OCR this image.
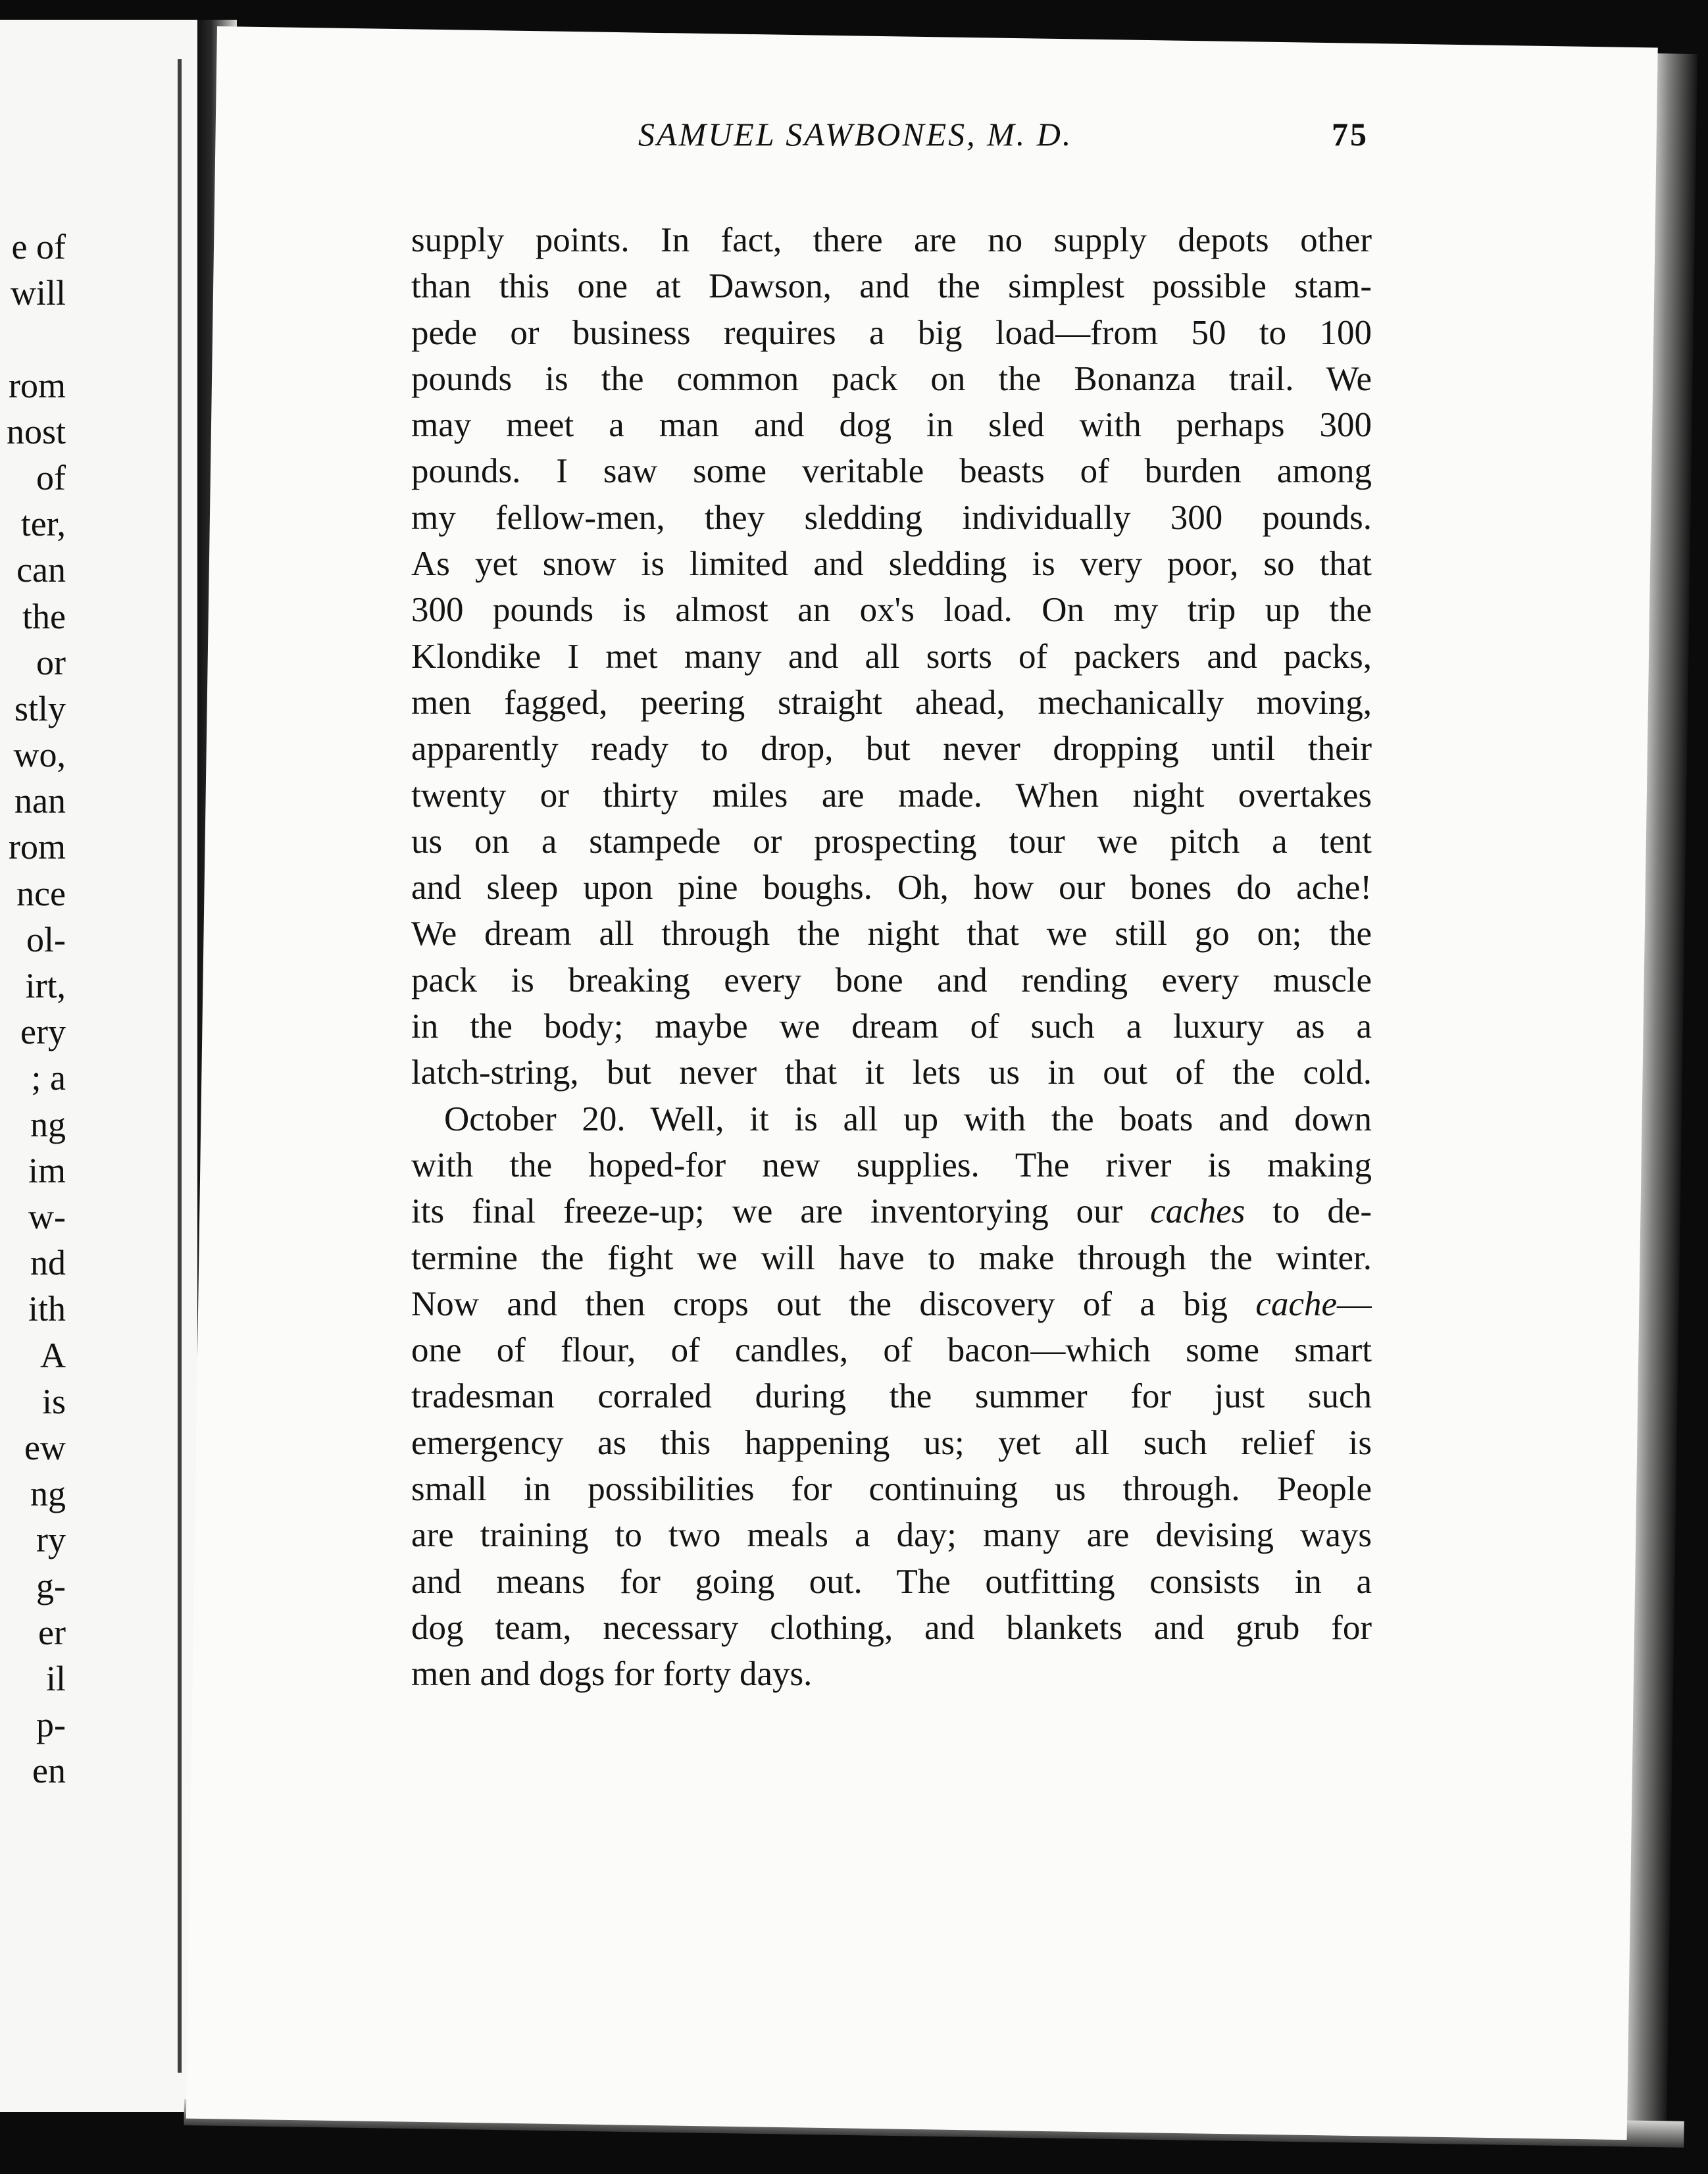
e of
will
rom
nost
of
ter,
can
the
or
stly
wo,
nan
rom
nce
ol-
irt,
ery
; a
ng
im
w-
nd
ith
A
is
ew
ng
ry
g-
er
il
p-
en
SAMUEL SAWBONES, M. D.	75
supply points. In fact, there are no supply depots other
than this one at Dawson, and the simplest possible stam-
pede or business requires a big load—from 50 to 100
pounds is the common pack on the Bonanza trail. We
may meet a man and dog in sled with perhaps 300
pounds. I saw some veritable beasts of burden among
my fellow-men, they sledding individually 300 pounds.
As yet snow is limited and sledding is very poor, so that
300 pounds is almost an ox's load. On my trip up the
Klondike I met many and all sorts of packers and packs,
men fagged, peering straight ahead, mechanically moving,
apparently ready to drop, but never dropping until their
twenty or thirty miles are made. When night overtakes
us on a stampede or prospecting tour we pitch a tent
and sleep upon pine boughs. Oh, how our bones do ache!
We dream all through the night that we still go on; the
pack is breaking every bone and rending every muscle
in the body; maybe we dream of such a luxury as a
latch-string, but never that it lets us in out of the cold.
October 20. Well, it is all up with the boats and down
with the hoped-for new supplies. The river is making
its final freeze-up; we are inventorying our caches to de-
termine the fight we will have to make through the winter.
Now and then crops out the discovery of a big cache—
one of flour, of candles, of bacon—which some smart
tradesman corraled during the summer for just such
emergency as this happening us; yet all such relief is
small in possibilities for continuing us through. People
are training to two meals a day; many are devising ways
and means for going out. The outfitting consists in a
dog team, necessary clothing, and blankets and grub for
men and dogs for forty days.
